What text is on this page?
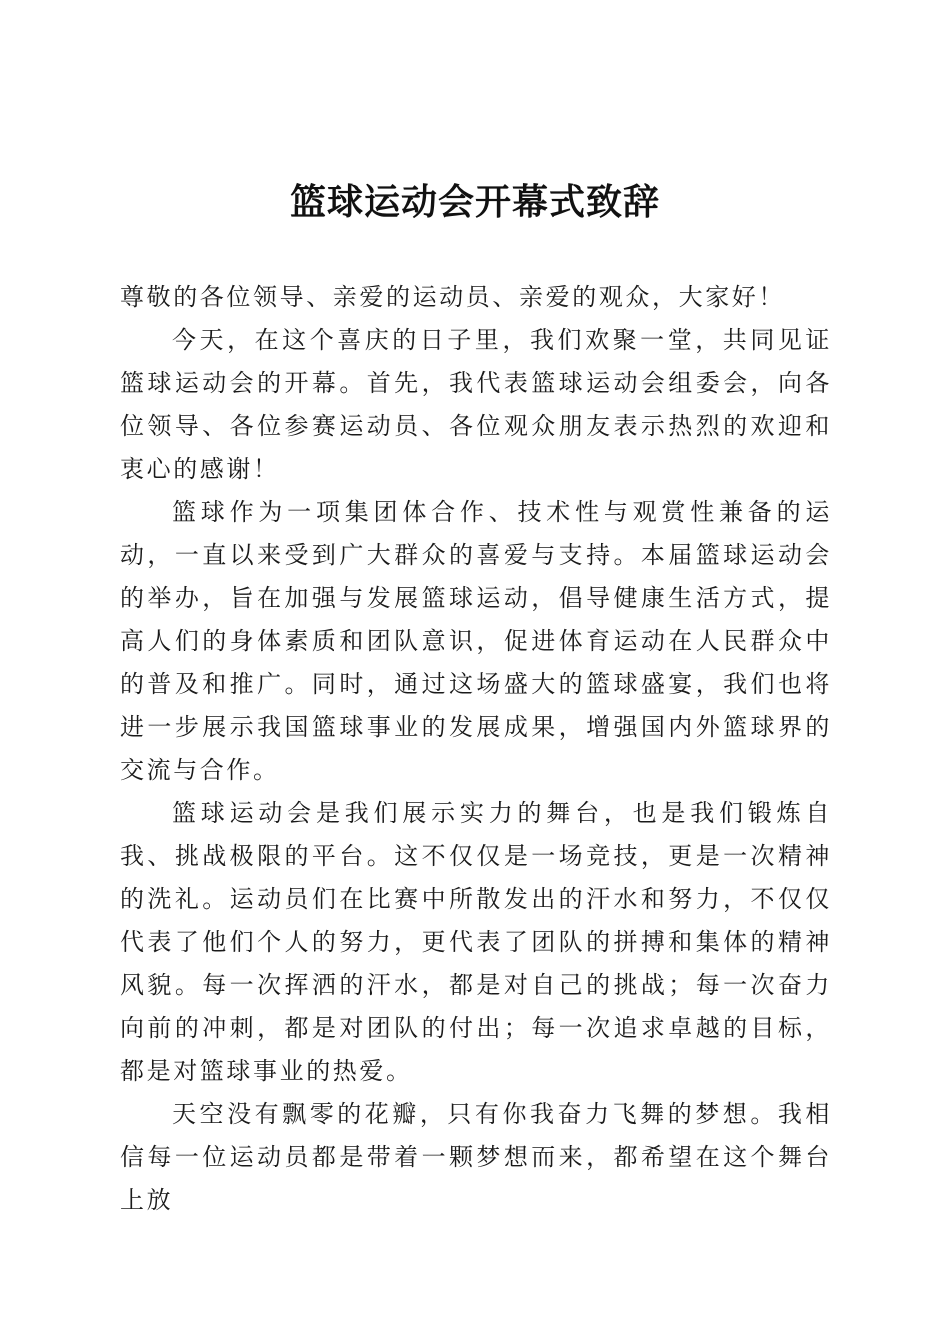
篮球运动会开幕式致辞

尊敬的各位领导、亲爱的运动员、亲爱的观众，大家好！

今天，在这个喜庆的日子里，我们欢聚一堂，共同见证篮球运动会的开幕。首先，我代表篮球运动会组委会，向各位领导、各位参赛运动员、各位观众朋友表示热烈的欢迎和衷心的感谢！

篮球作为一项集团体合作、技术性与观赏性兼备的运动，一直以来受到广大群众的喜爱与支持。本届篮球运动会的举办，旨在加强与发展篮球运动，倡导健康生活方式，提高人们的身体素质和团队意识，促进体育运动在人民群众中的普及和推广。同时，通过这场盛大的篮球盛宴，我们也将进一步展示我国篮球事业的发展成果，增强国内外篮球界的交流与合作。

篮球运动会是我们展示实力的舞台，也是我们锻炼自我、挑战极限的平台。这不仅仅是一场竞技，更是一次精神的洗礼。运动员们在比赛中所散发出的汗水和努力，不仅仅代表了他们个人的努力，更代表了团队的拼搏和集体的精神风貌。每一次挥洒的汗水，都是对自己的挑战；每一次奋力向前的冲刺，都是对团队的付出；每一次追求卓越的目标，都是对篮球事业的热爱。

天空没有飘零的花瓣，只有你我奋力飞舞的梦想。我相信每一位运动员都是带着一颗梦想而来，都希望在这个舞台上放
